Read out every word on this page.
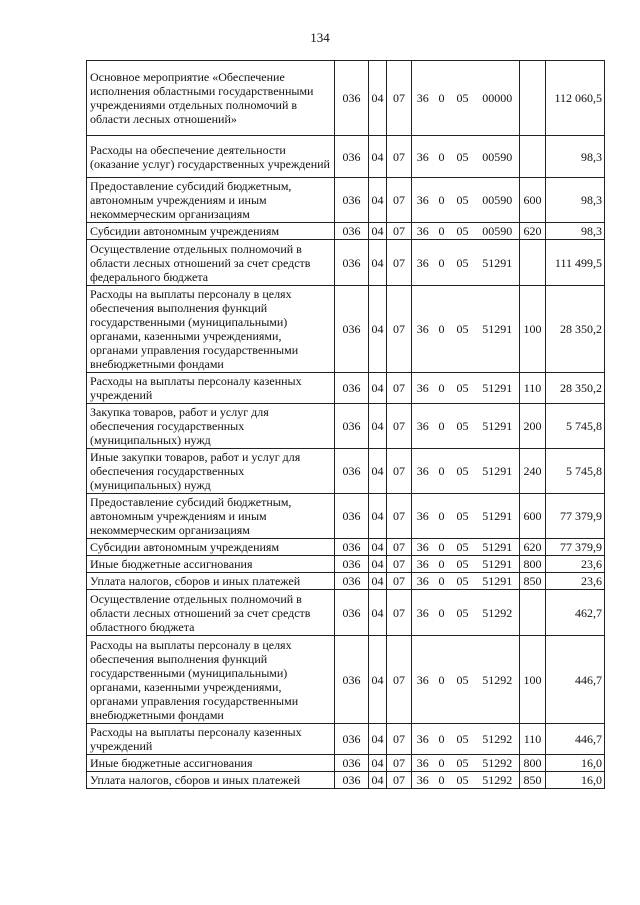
134
Основное мероприятие «Обеспечение исполнения областными государственными учреждениями отдельных полномочий в области лесных отношений»	036	04	07	36	0	05	00000		112 060,5
Расходы на обеспечение деятельности (оказание услуг) государственных учреждений	036	04	07	36	0	05	00590		98,3
Предоставление субсидий бюджетным, автономным учреждениям и иным некоммерческим организациям	036	04	07	36	0	05	00590	600	98,3
Субсидии автономным учреждениям	036	04	07	36	0	05	00590	620	98,3
Осуществление отдельных полномочий в области лесных отношений за счет средств федерального бюджета	036	04	07	36	0	05	51291		111 499,5
Расходы на выплаты персоналу в целях обеспечения выполнения функций государственными (муниципальными) органами, казенными учреждениями, органами управления государственными внебюджетными фондами	036	04	07	36	0	05	51291	100	28 350,2
Расходы на выплаты персоналу казенных учреждений	036	04	07	36	0	05	51291	110	28 350,2
Закупка товаров, работ и услуг для обеспечения государственных (муниципальных) нужд	036	04	07	36	0	05	51291	200	5 745,8
Иные закупки товаров, работ и услуг для обеспечения государственных (муниципальных) нужд	036	04	07	36	0	05	51291	240	5 745,8
Предоставление субсидий бюджетным, автономным учреждениям и иным некоммерческим организациям	036	04	07	36	0	05	51291	600	77 379,9
Субсидии автономным учреждениям	036	04	07	36	0	05	51291	620	77 379,9
Иные бюджетные ассигнования	036	04	07	36	0	05	51291	800	23,6
Уплата налогов, сборов и иных платежей	036	04	07	36	0	05	51291	850	23,6
Осуществление отдельных полномочий в области лесных отношений за счет средств областного бюджета	036	04	07	36	0	05	51292		462,7
Расходы на выплаты персоналу в целях обеспечения выполнения функций государственными (муниципальными) органами, казенными учреждениями, органами управления государственными внебюджетными фондами	036	04	07	36	0	05	51292	100	446,7
Расходы на выплаты персоналу казенных учреждений	036	04	07	36	0	05	51292	110	446,7
Иные бюджетные ассигнования	036	04	07	36	0	05	51292	800	16,0
Уплата налогов, сборов и иных платежей	036	04	07	36	0	05	51292	850	16,0
